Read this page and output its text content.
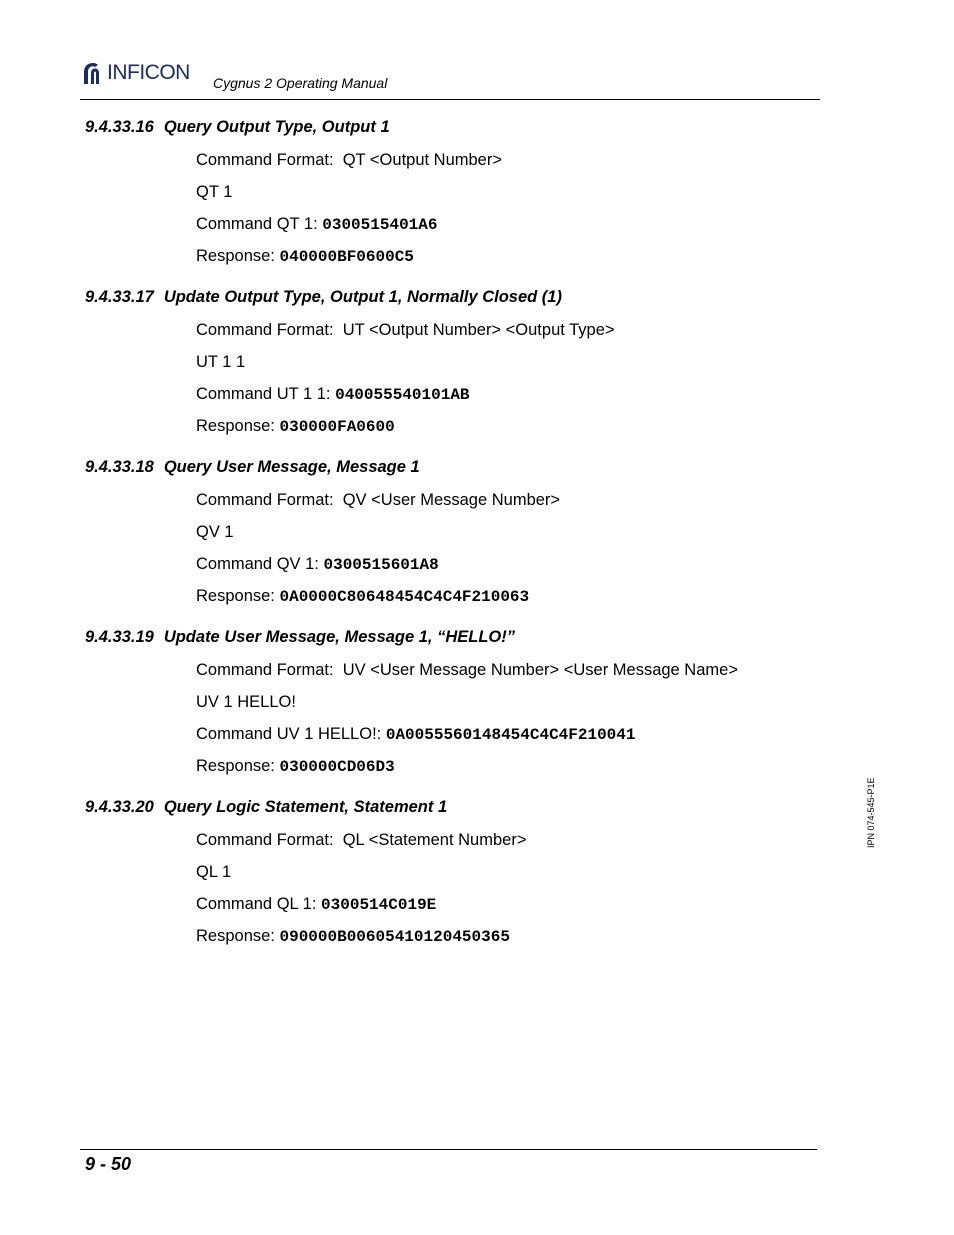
INFICON Cygnus 2 Operating Manual
9.4.33.16 Query Output Type, Output 1
Command Format: QT <Output Number>
QT 1
Command QT 1: 0300515401A6
Response: 040000BF0600C5
9.4.33.17 Update Output Type, Output 1, Normally Closed (1)
Command Format: UT <Output Number> <Output Type>
UT 1 1
Command UT 1 1: 040055540101AB
Response: 030000FA0600
9.4.33.18 Query User Message, Message 1
Command Format: QV <User Message Number>
QV 1
Command QV 1: 0300515601A8
Response: 0A0000C80648454C4C4F210063
9.4.33.19 Update User Message, Message 1, “HELLO!”
Command Format: UV <User Message Number> <User Message Name>
UV 1 HELLO!
Command UV 1 HELLO!: 0A0055560148454C4C4F210041
Response: 030000CD06D3
9.4.33.20 Query Logic Statement, Statement 1
Command Format: QL <Statement Number>
QL 1
Command QL 1: 0300514C019E
Response: 090000B00605410120450365
IPN 074-545-P1E
9 - 50
